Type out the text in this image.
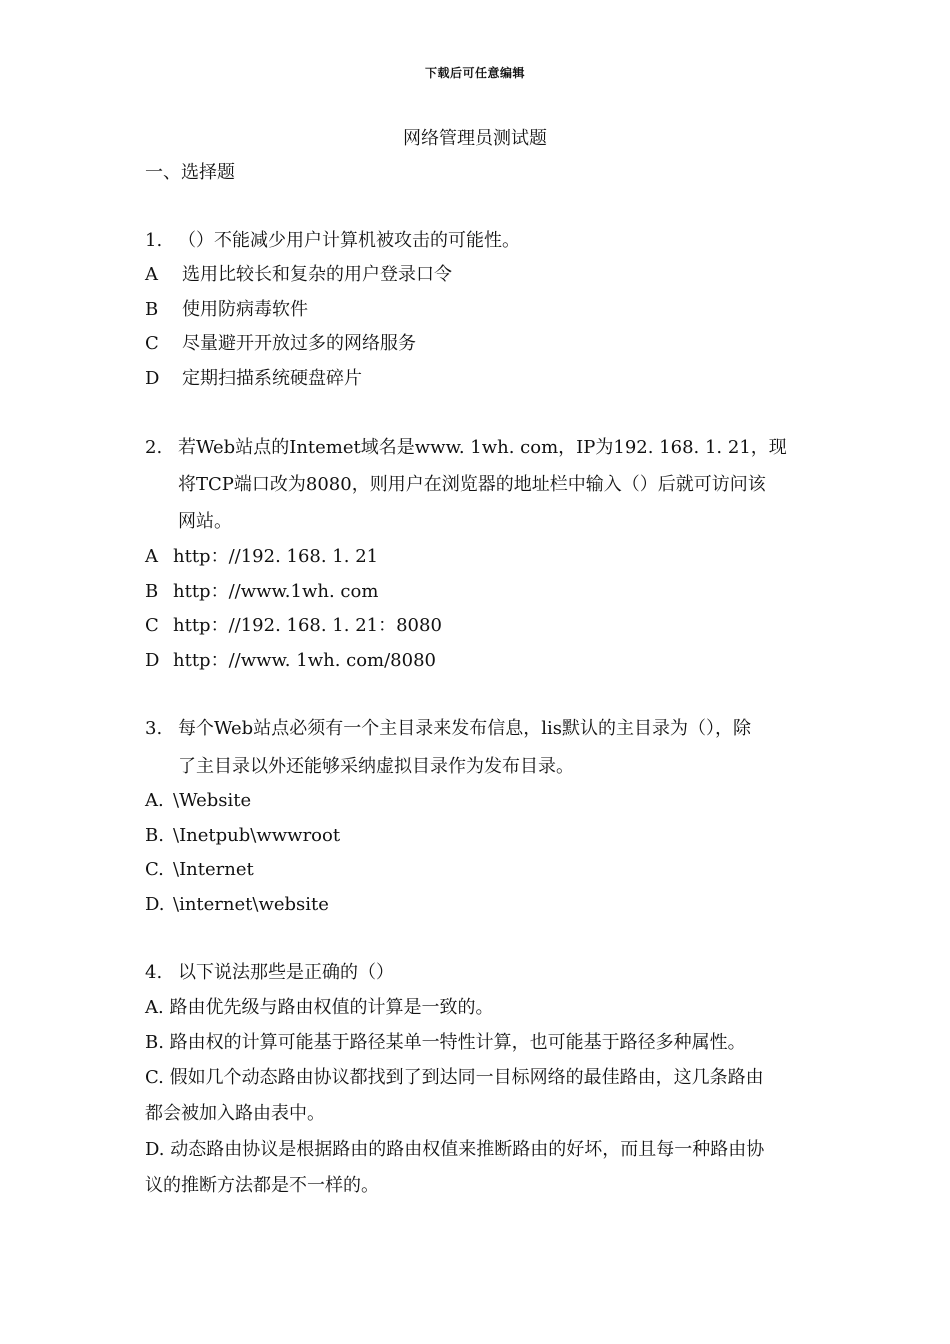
下载后可任意编辑
网络管理员测试题
一、选择题
1. （）不能减少用户计算机被攻击的可能性。
A 选用比较长和复杂的用户登录口令
B 使用防病毒软件
C 尽量避开开放过多的网络服务
D 定期扫描系统硬盘碎片
2. 若Web站点的Intemet域名是www. 1wh. com，IP为192. 168. 1. 21，现
将TCP端口改为8080，则用户在浏览器的地址栏中输入（）后就可访问该
网站。
A http：//192. 168. 1. 21
B http：//www.1wh. com
C http：//192. 168. 1. 21：8080
D http：//www. 1wh. com/8080
3. 每个Web站点必须有一个主目录来发布信息，lis默认的主目录为（），除
了主目录以外还能够采纳虚拟目录作为发布目录。
A. \Website
B. \Inetpub\wwwroot
C. \Internet
D. \internet\website
4. 以下说法那些是正确的（）
A. 路由优先级与路由权值的计算是一致的。
B. 路由权的计算可能基于路径某单一特性计算，也可能基于路径多种属性。
C. 假如几个动态路由协议都找到了到达同一目标网络的最佳路由，这几条路由
都会被加入路由表中。
D. 动态路由协议是根据路由的路由权值来推断路由的好坏，而且每一种路由协
议的推断方法都是不一样的。
